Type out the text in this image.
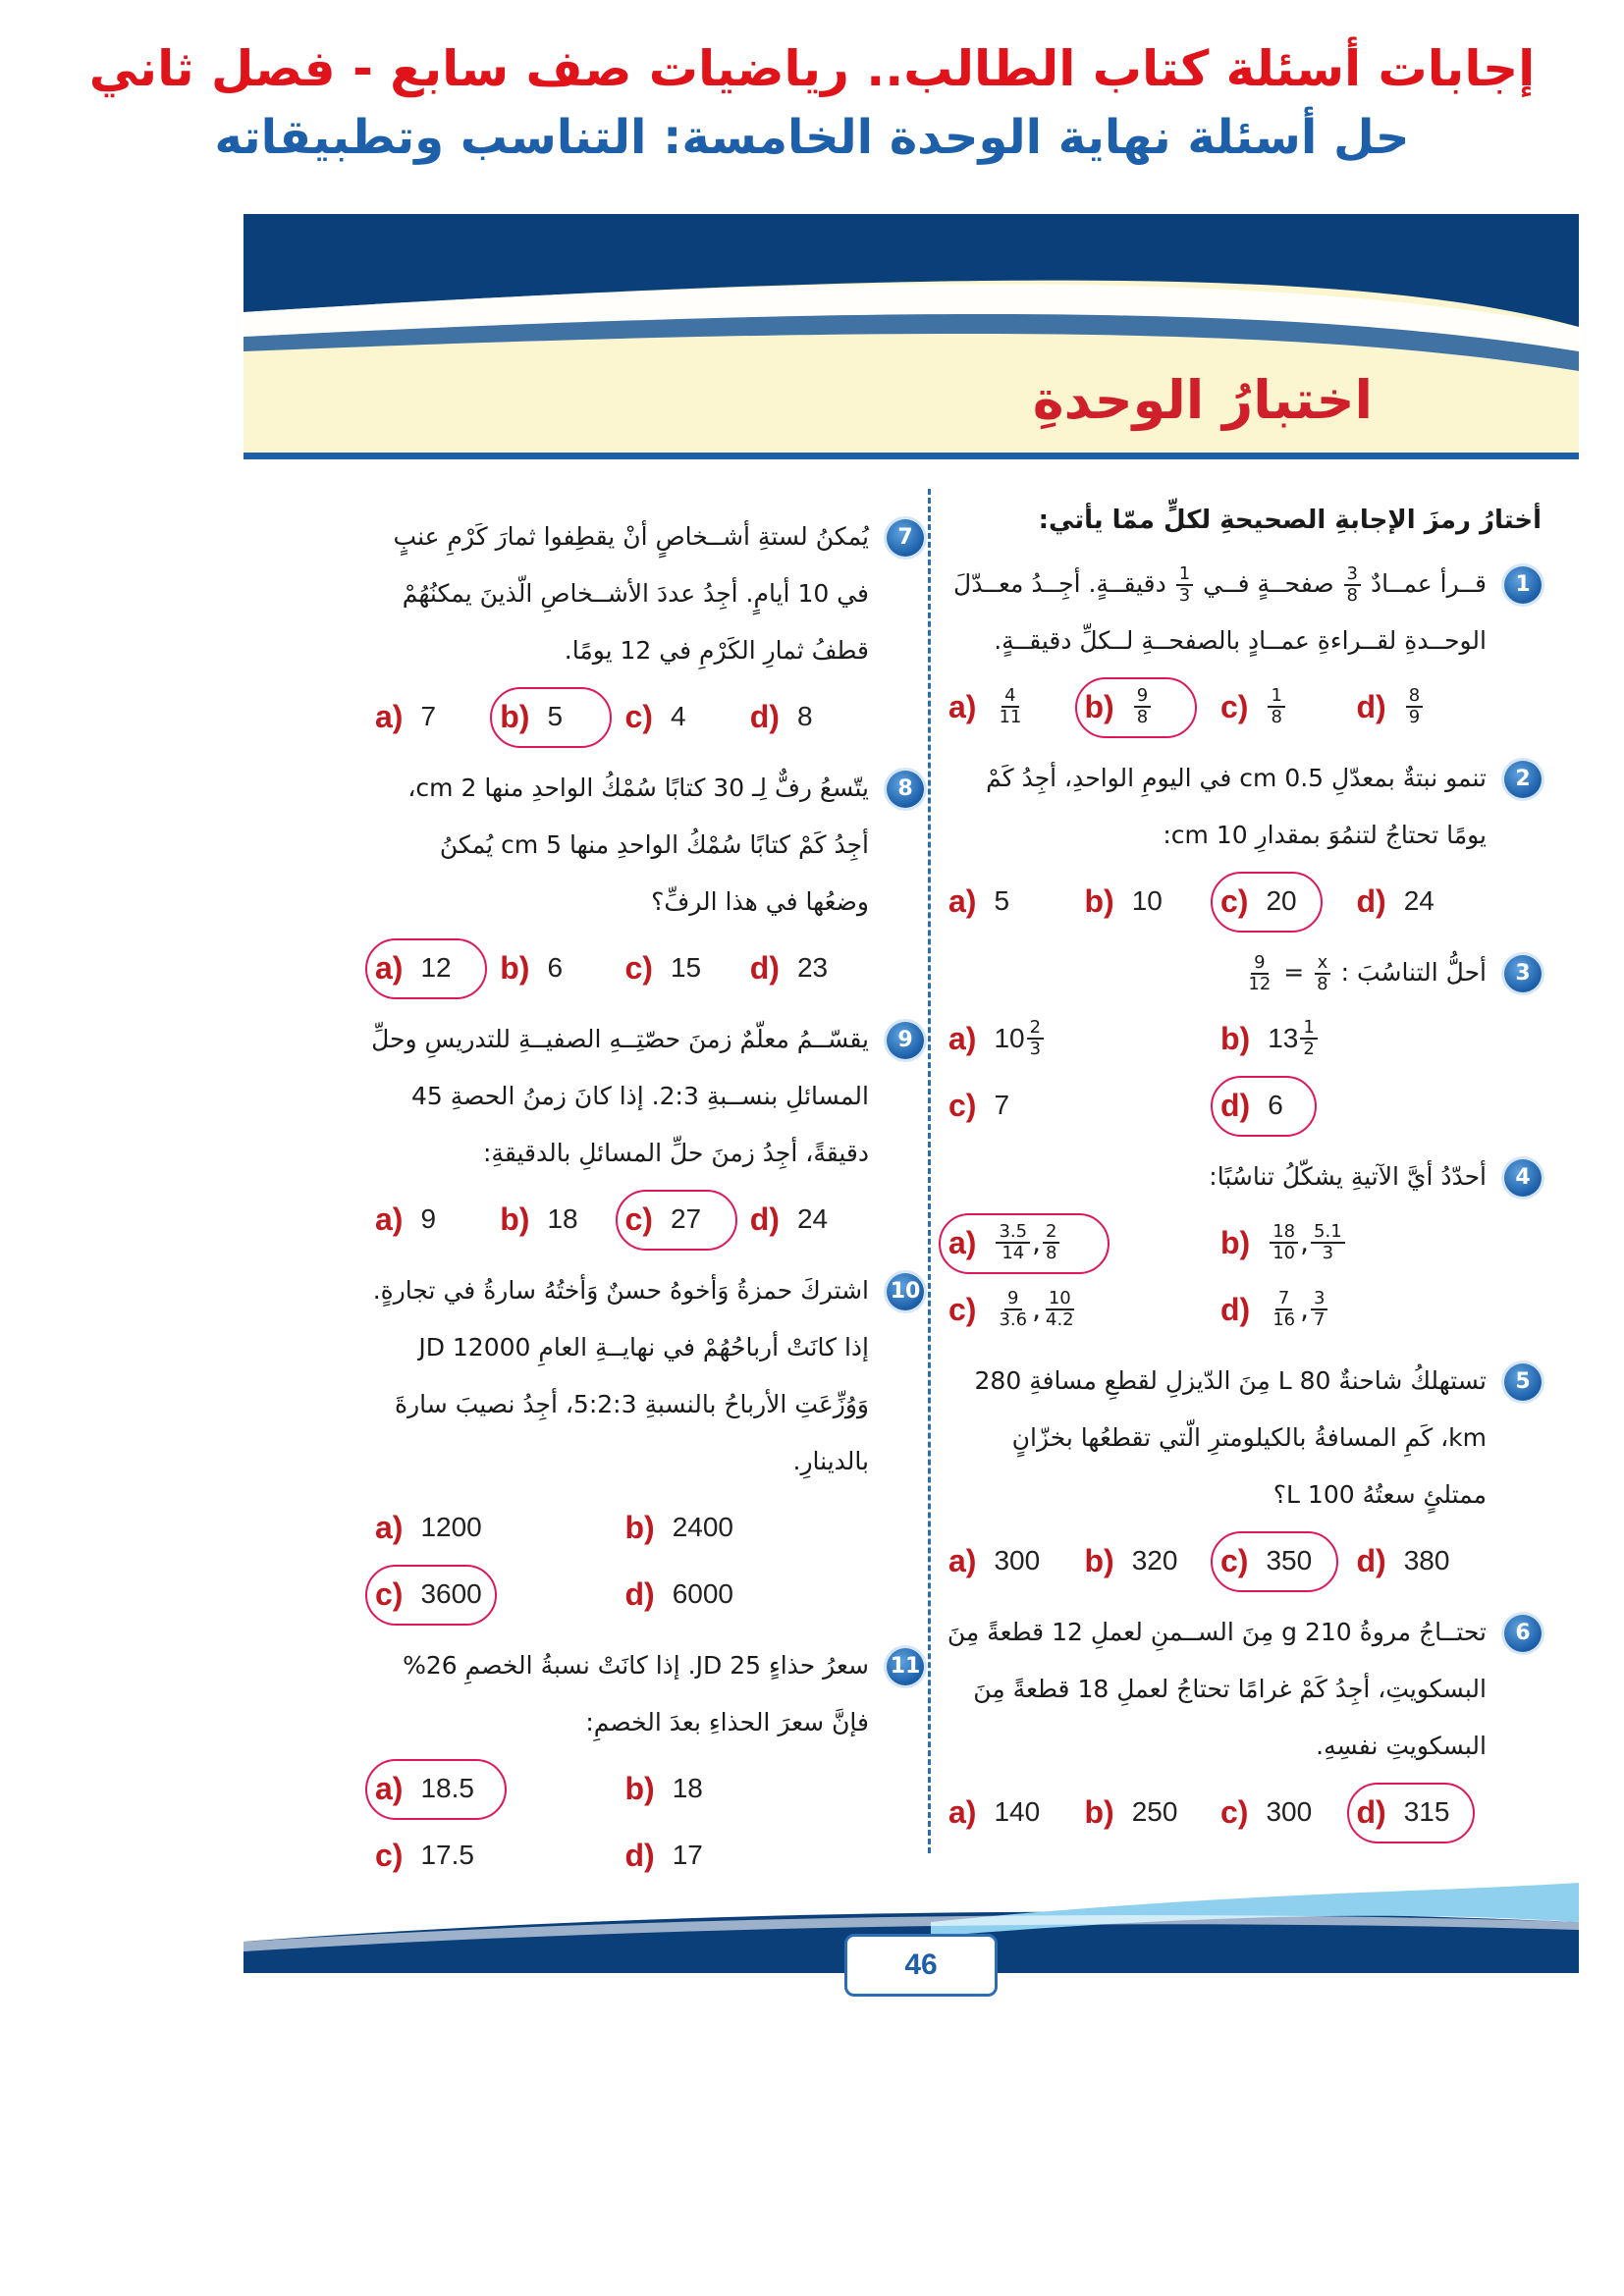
إجابات أسئلة كتاب الطالب.. رياضيات صف سابع - فصل ثاني
حل أسئلة نهاية الوحدة الخامسة: التناسب وتطبيقاته
اختبارُ الوحدةِ
أختارُ رمزَ الإجابةِ الصحيحةِ لكلٍّ ممّا يأتي:
1
قــرأ عمــادٌ
$\frac{3}{8}$
صفحــةٍ فــي
$\frac{1}{3}$
دقيقــةٍ. أجِــدُ معــدّلَ الوحــدةِ لقــراءةِ عمــادٍ بالصفحــةِ لــكلِّ دقيقــةٍ.
$a) \frac{4}{11} b) \frac{9}{8} c) \frac{1}{8} d) \frac{8}{9}$
2
تنمو نبتةٌ بمعدّلِ 0.5 cm في اليومِ الواحدِ، أجِدُ كَمْ يومًا تحتاجُ لتنمُوَ بمقدارِ 10 cm:
a) 5 b) 10 c) 20 d) 24
3
أحلُّ التناسُبَ :
$\frac{9}{12} = \frac{x}{8}$
a) $10 \frac{2}{3}$	b) $13 \frac{1}{2}$
c) 7	d) 6
4
أحدّدُ أيَّ الآتيةِ يشكّلُ تناسُبًا:
$a) \frac{3.5}{14}$ , $\frac{2}{8}$	$b) \frac{18}{10}$ , $\frac{5.1}{3}$
$c) \frac{9}{3.6}$ , $\frac{10}{4.2}$	$d) \frac{7}{16}$ , $\frac{3}{7}$
5
تستهلكُ شاحنةٌ 80 L مِنَ الدّيزلِ لقطعِ مسافةِ 280 km، كَمِ المسافةُ بالكيلومترِ الّتي تقطعُها بخزّانٍ ممتلئٍ سعتُهُ 100 L؟
a) 300 b) 320 c) 350 d) 380
6
تحتــاجُ مروةُ 210 g مِنَ الســمنِ لعملِ 12 قطعةً مِنَ البسكويتِ، أجِدُ كَمْ غرامًا تحتاجُ لعملِ 18 قطعةً مِنَ البسكويتِ نفسِهِ.
a) 140 b) 250 c) 300 d) 315
7
يُمكنُ لستةِ أشــخاصٍ أنْ يقطِفوا ثمارَ كَرْمِ عنبٍ في 10 أيامٍ. أجِدُ عددَ الأشــخاصِ الّذينَ يمكنُهُمْ قطفُ ثمارِ الكَرْمِ في 12 يومًا.
a) 7 b) 5 c) 4 d) 8
8
يتّسعُ رفٌّ لِـ 30 كتابًا سُمْكُ الواحدِ منها 2 cm، أجِدُ كَمْ كتابًا سُمْكُ الواحدِ منها 5 cm يُمكنُ وضعُها في هذا الرفِّ؟
a) 12 b) 6 c) 15 d) 23
9
يقسّــمُ معلّمٌ زمنَ حصّتِــهِ الصفيــةِ للتدريسِ وحلِّ المسائلِ بنســبةِ 2:3. إذا كانَ زمنُ الحصةِ 45 دقيقةً، أجِدُ زمنَ حلِّ المسائلِ بالدقيقةِ:
a) 9 b) 18 c) 27 d) 24
10
اشتركَ حمزةُ وَأخوهُ حسنٌ وَأختُهُ سارةُ في تجارةٍ. إذا كانَتْ أرباحُهُمْ في نهايــةِ العامِ 12000 JD وَوُزِّعَتِ الأرباحُ بالنسبةِ 5:2:3، أجِدُ نصيبَ سارةَ بالدينارِ.
a) 1200	b) 2400
c) 3600	d) 6000
11
سعرُ حذاءٍ 25 JD. إذا كانَتْ نسبةُ الخصمِ 26% فإنَّ سعرَ الحذاءِ بعدَ الخصمِ:
a) 18.5	b) 18
c) 17.5	d) 17
46
